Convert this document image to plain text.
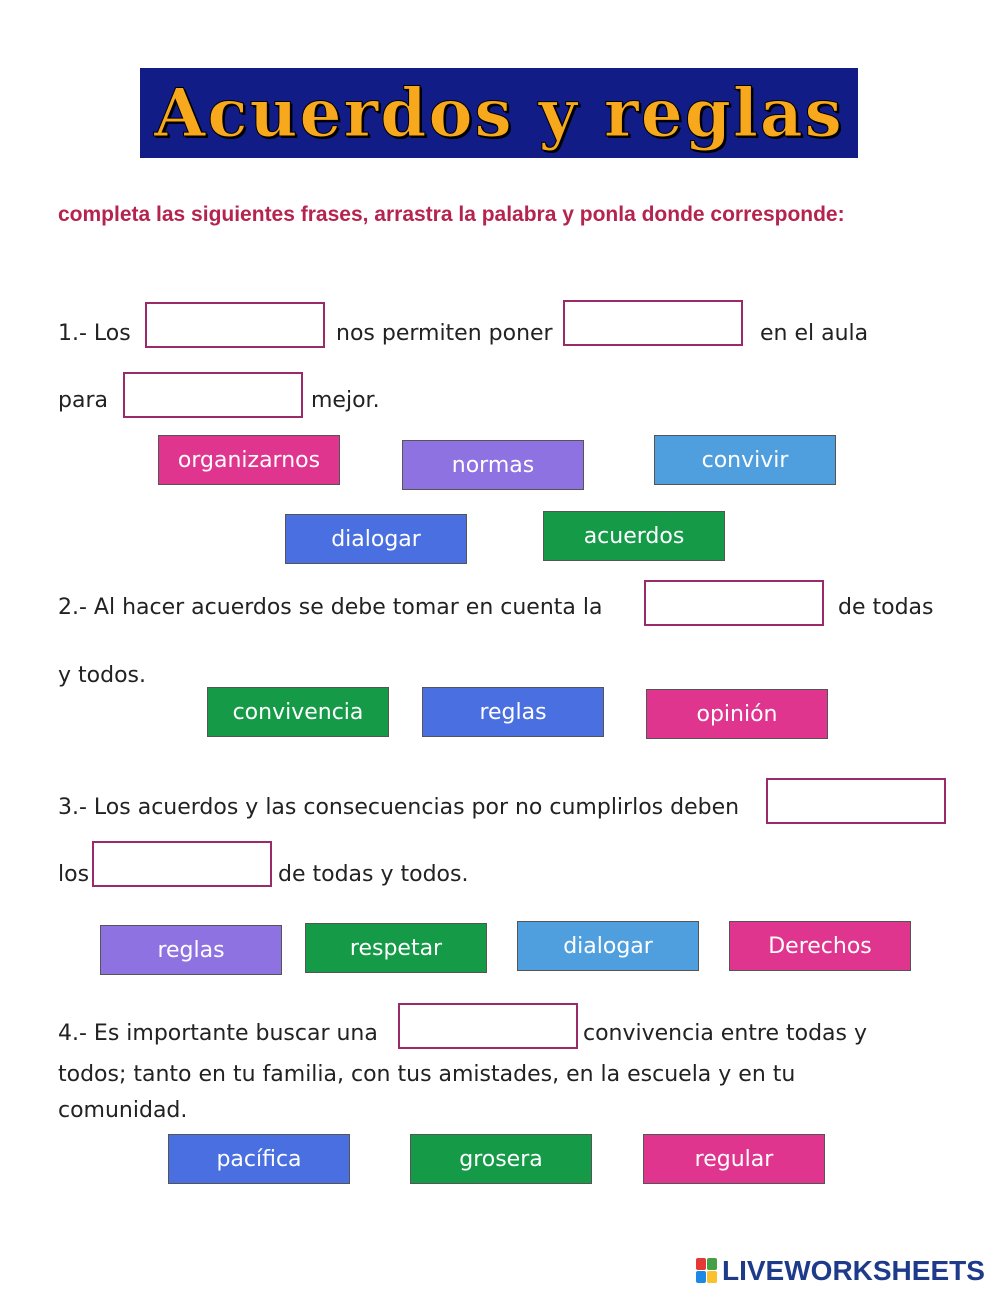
Acuerdos y reglas
completa las siguientes frases, arrastra la palabra y ponla donde corresponde:
1.- Los	nos permiten poner	en el aula
para	mejor.
organizarnos	normas	convivir
dialogar	acuerdos
2.- Al hacer acuerdos se debe tomar en cuenta la	de todas
y todos.
convivencia	reglas	opinión
3.- Los acuerdos y las consecuencias por no cumplirlos deben
los	de todas y todos.
reglas	respetar	dialogar	Derechos
4.- Es importante buscar una	convivencia entre todas y
todos; tanto en tu familia, con tus amistades, en la escuela y en tu comunidad.
pacífica	grosera	regular
LIVEWORKSHEETS
